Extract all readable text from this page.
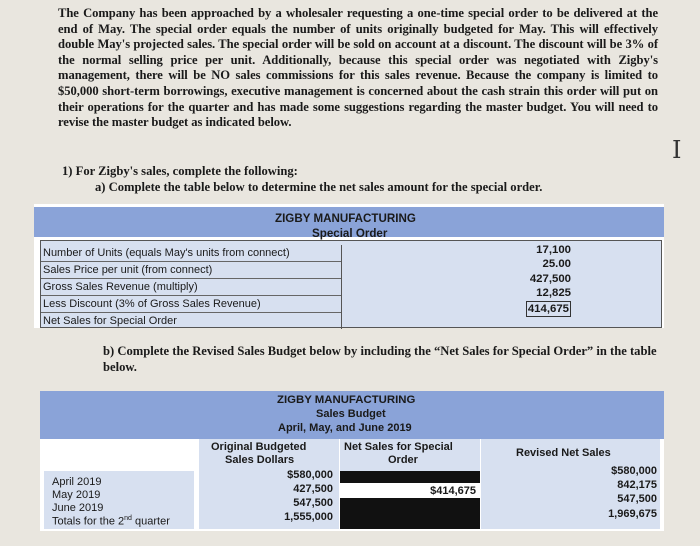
The Company has been approached by a wholesaler requesting a one-time special order to be delivered at the end of May. The special order equals the number of units originally budgeted for May. This will effectively double May's projected sales. The special order will be sold on account at a discount. The discount will be 3% of the normal selling price per unit. Additionally, because this special order was negotiated with Zigby's management, there will be NO sales commissions for this sales revenue. Because the company is limited to $50,000 short-term borrowings, executive management is concerned about the cash strain this order will put on their operations for the quarter and has made some suggestions regarding the master budget. You will need to revise the master budget as indicated below.
1) For Zigby's sales, complete the following:
a) Complete the table below to determine the net sales amount for the special order.
I
ZIGBY MANUFACTURING
Special Order
Number of Units (equals May's units from connect)
Sales Price per unit (from connect)
Gross Sales Revenue (multiply)
Less Discount (3% of Gross Sales Revenue)
Net Sales for Special Order
17,100
25.00
427,500
12,825
414,675
b) Complete the Revised Sales Budget below by including the “Net Sales for Special Order” in the table below.
ZIGBY MANUFACTURING
Sales Budget
April, May, and June 2019
Original Budgeted
Sales Dollars
Net Sales for Special
Order
Revised Net Sales
April 2019
May 2019
June 2019
Totals for the 2nd quarter
$580,000
427,500
547,500
1,555,000
$414,675
$580,000
842,175
547,500
1,969,675
